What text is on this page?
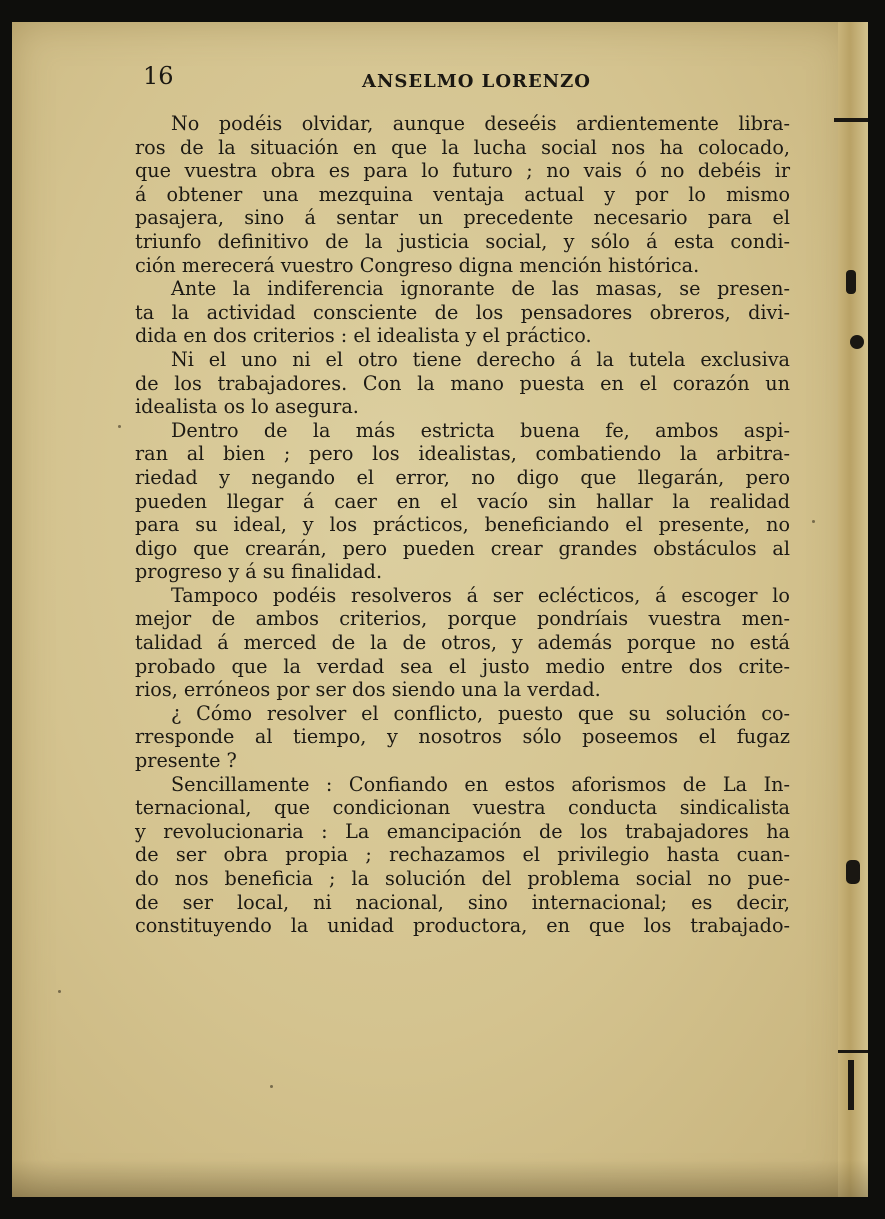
16	ANSELMO LORENZO
No podéis olvidar, aunque deseéis ardientemente libra-
ros de la situación en que la lucha social nos ha colocado,
que vuestra obra es para lo futuro ; no vais ó no debéis ir
á obtener una mezquina ventaja actual y por lo mismo
pasajera, sino á sentar un precedente necesario para el
triunfo definitivo de la justicia social, y sólo á esta condi-
ción merecerá vuestro Congreso digna mención histórica.
Ante la indiferencia ignorante de las masas, se presen-
ta la actividad consciente de los pensadores obreros, divi-
dida en dos criterios : el idealista y el práctico.
Ni el uno ni el otro tiene derecho á la tutela exclusiva
de los trabajadores. Con la mano puesta en el corazón un
idealista os lo asegura.
Dentro de la más estricta buena fe, ambos aspi-
ran al bien ; pero los idealistas, combatiendo la arbitra-
riedad y negando el error, no digo que llegarán, pero
pueden llegar á caer en el vacío sin hallar la realidad
para su ideal, y los prácticos, beneficiando el presente, no
digo que crearán, pero pueden crear grandes obstáculos al
progreso y á su finalidad.
Tampoco podéis resolveros á ser eclécticos, á escoger lo
mejor de ambos criterios, porque pondríais vuestra men-
talidad á merced de la de otros, y además porque no está
probado que la verdad sea el justo medio entre dos crite-
rios, erróneos por ser dos siendo una la verdad.
¿ Cómo resolver el conflicto, puesto que su solución co-
rresponde al tiempo, y nosotros sólo poseemos el fugaz
presente ?
Sencillamente : Confiando en estos aforismos de La In-
ternacional, que condicionan vuestra conducta sindicalista
y revolucionaria : La emancipación de los trabajadores ha
de ser obra propia ; rechazamos el privilegio hasta cuan-
do nos beneficia ; la solución del problema social no pue-
de ser local, ni nacional, sino internacional; es decir,
constituyendo la unidad productora, en que los trabajado-
